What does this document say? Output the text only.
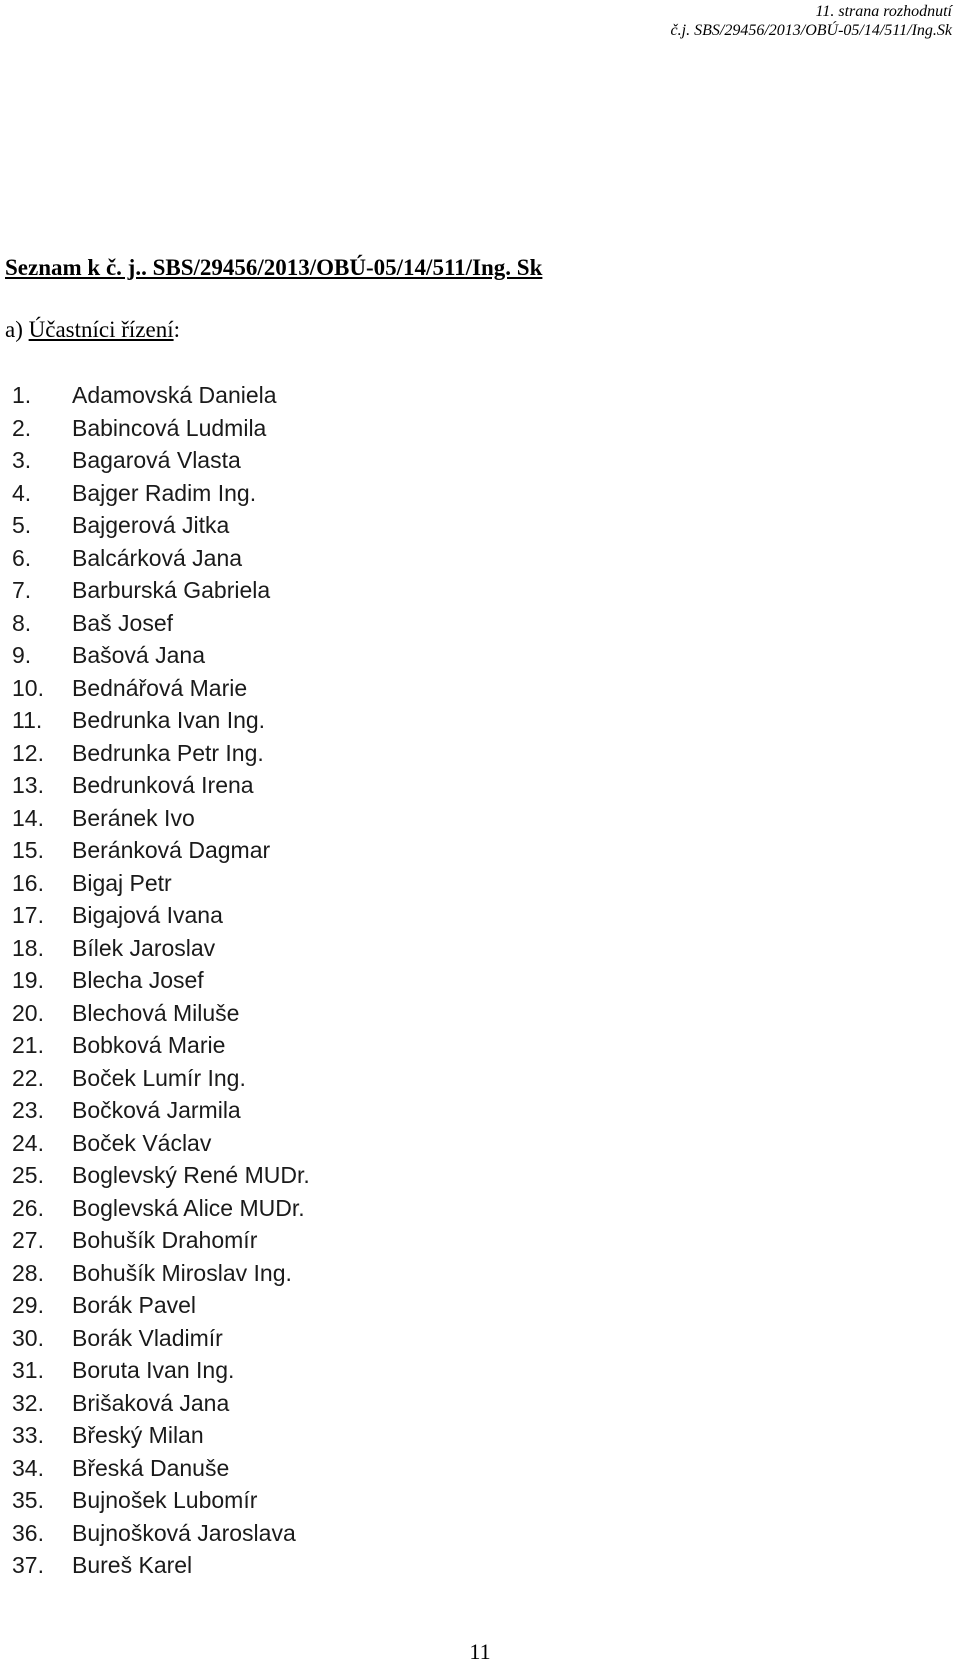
11. strana rozhodnutí
č.j. SBS/29456/2013/OBÚ-05/14/511/Ing.Sk
Seznam k č. j.. SBS/29456/2013/OBÚ-05/14/511/Ing. Sk
a) Účastníci řízení:
1. Adamovská Daniela
2. Babincová Ludmila
3. Bagarová Vlasta
4. Bajger Radim Ing.
5. Bajgerová Jitka
6. Balcárková Jana
7. Barburská Gabriela
8. Baš Josef
9. Bašová Jana
10. Bednářová Marie
11. Bedrunka Ivan Ing.
12. Bedrunka Petr Ing.
13. Bedrunková Irena
14. Beránek Ivo
15. Beránková Dagmar
16. Bigaj Petr
17. Bigajová Ivana
18. Bílek Jaroslav
19. Blecha Josef
20. Blechová Miluše
21. Bobková Marie
22. Boček Lumír Ing.
23. Bočková Jarmila
24. Boček Václav
25. Boglevský René MUDr.
26. Boglevská Alice MUDr.
27. Bohušík Drahomír
28. Bohušík Miroslav Ing.
29. Borák Pavel
30. Borák Vladimír
31. Boruta Ivan Ing.
32. Brišaková Jana
33. Břeský Milan
34. Břeská Danuše
35. Bujnošek Lubomír
36. Bujnošková Jaroslava
37. Bureš Karel
11
